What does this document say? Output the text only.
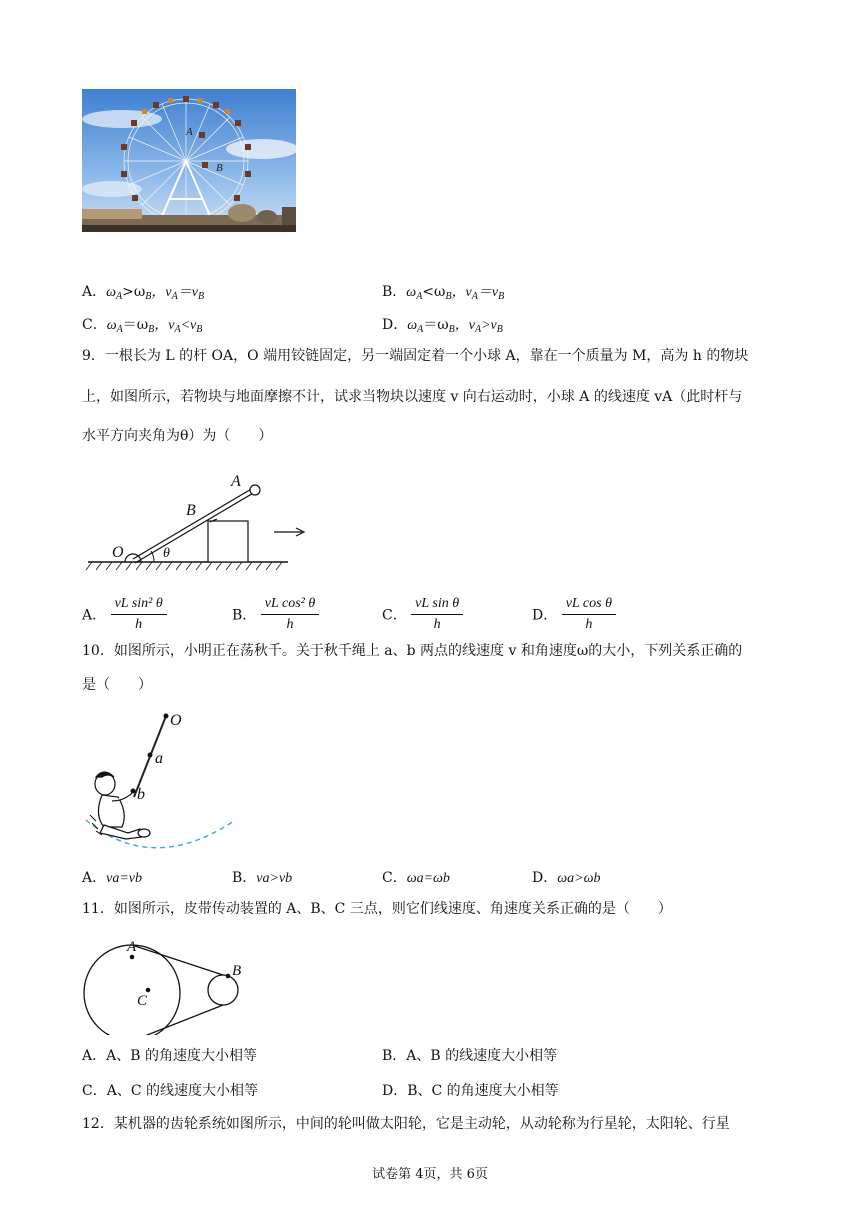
A
B
A．$\omega_A>\omega_B$，$v_A=v_B$	B．$\omega_A<\omega_B$，$v_A=v_B$
C．$\omega_A=\omega_B$，$v_A<v_B$	D．$\omega_A=\omega_B$，$v_A>v_B$
9．一根长为 L 的杆 OA，O 端用铰链固定，另一端固定着一个小球 A，靠在一个质量为 M，高为 h 的物块
上，如图所示，若物块与地面摩擦不计，试求当物块以速度 v 向右运动时，小球 A 的线速度 vA（此时杆与
水平方向夹角为θ）为（　　）
A
B
O	θ
A． $\frac{\text{vL sin² θ}}{h}$	B． $\frac{\text{vL cos² θ}}{h}$	C． $\frac{\text{vL sin θ}}{h}$	D． $\frac{\text{vL cos θ}}{h}$
10．如图所示，小明正在荡秋千。关于秋千绳上 a、b 两点的线速度 v 和角速度ω的大小，下列关系正确的
是（　　）
O
a
b
A．va=vb	B．va>vb	C．ωa=ωb	D．ωa>ωb
11．如图所示，皮带传动装置的 A、B、C 三点，则它们线速度、角速度关系正确的是（　　）
A
B
C
A．A、B 的角速度大小相等	B．A、B 的线速度大小相等
C．A、C 的线速度大小相等	D．B、C 的角速度大小相等
12．某机器的齿轮系统如图所示，中间的轮叫做太阳轮，它是主动轮，从动轮称为行星轮，太阳轮、行星
试卷第 4页，共 6页
